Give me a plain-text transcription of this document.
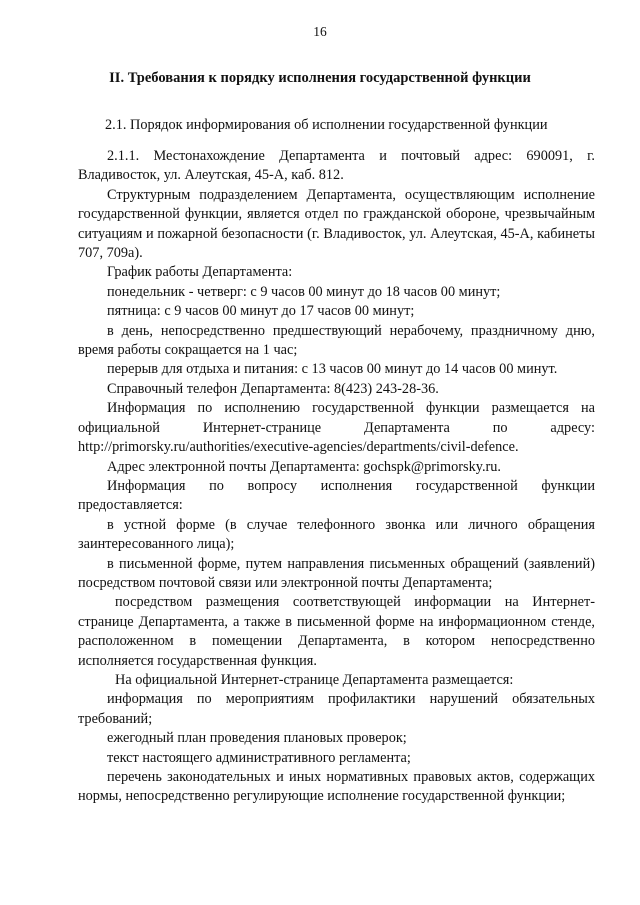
16
II. Требования к порядку исполнения государственной функции
2.1. Порядок информирования об исполнении государственной функции

2.1.1. Местонахождение Департамента и почтовый адрес: 690091, г. Владивосток, ул. Алеутская, 45-А, каб. 812.

Структурным подразделением Департамента, осуществляющим исполнение государственной функции, является отдел по гражданской обороне, чрезвычайным ситуациям и пожарной безопасности (г. Владивосток, ул. Алеутская, 45-А, кабинеты 707, 709а).

График работы Департамента:

понедельник - четверг: с 9 часов 00 минут до 18 часов 00 минут;

пятница: с 9 часов 00 минут до 17 часов 00 минут;

в день, непосредственно предшествующий нерабочему, праздничному дню, время работы сокращается на 1 час;

перерыв для отдыха и питания: с 13 часов 00 минут до 14 часов 00 минут.

Справочный телефон Департамента: 8(423) 243-28-36.

Информация по исполнению государственной функции размещается на официальной Интернет-странице Департамента по адресу: http://primorsky.ru/authorities/executive-agencies/departments/civil-defence.

Адрес электронной почты Департамента: gochspk@primorsky.ru.

Информация по вопросу исполнения государственной функции предоставляется:

в устной форме (в случае телефонного звонка или личного обращения заинтересованного лица);

в письменной форме, путем направления письменных обращений (заявлений) посредством почтовой связи или электронной почты Департамента;

посредством размещения соответствующей информации на Интернет-странице Департамента, а также в письменной форме на информационном стенде, расположенном в помещении Департамента, в котором непосредственно исполняется государственная функция.

На официальной Интернет-странице Департамента размещается:

информация по мероприятиям профилактики нарушений обязательных требований;

ежегодный план проведения плановых проверок;

текст настоящего административного регламента;

перечень законодательных и иных нормативных правовых актов, содержащих нормы, непосредственно регулирующие исполнение государственной функции;
